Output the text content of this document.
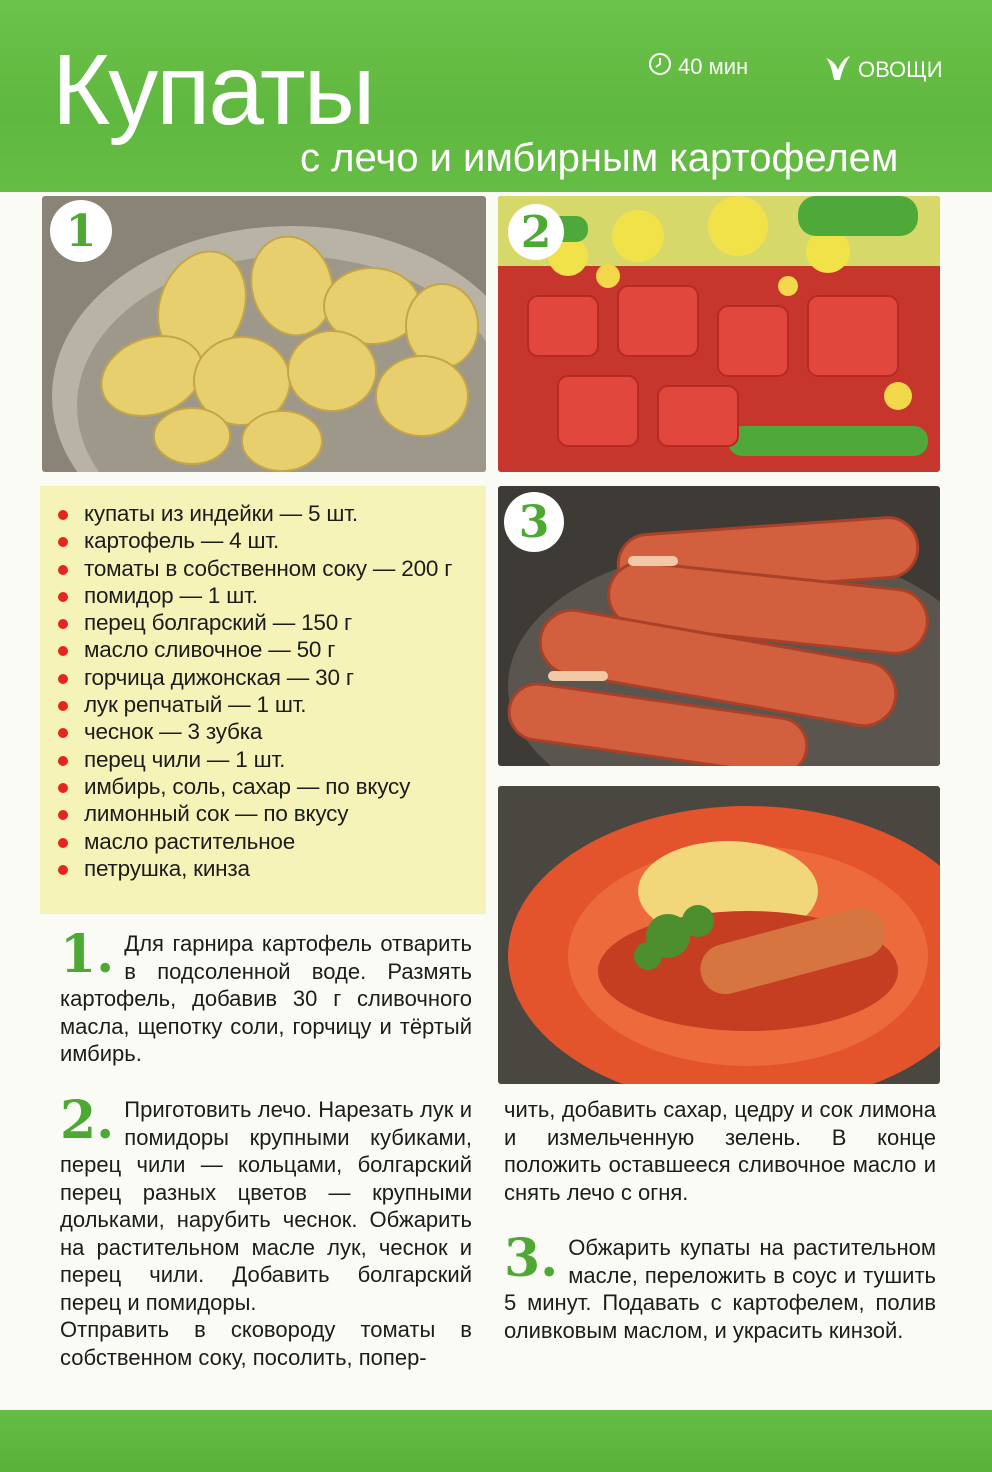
Купаты
с лечо и имбирным картофелем
40 мин	ОВОЩИ
1	2
3
купаты из индейки — 5 шт.
картофель — 4 шт.
томаты в собственном соку — 200 г
помидор — 1 шт.
перец болгарский — 150 г
масло сливочное — 50 г
горчица дижонская — 30 г
лук репчатый — 1 шт.
чеснок — 3 зубка
перец чили — 1 шт.
имбирь, соль, сахар — по вкусу
лимонный сок — по вкусу
масло растительное
петрушка, кинза
1. Для гарнира картофель отварить в подсоленной воде. Размять картофель, добавив 30 г сливочного масла, щепотку соли, горчицу и тёртый имбирь.
2. Приготовить лечо. Нарезать лук и помидоры крупными кубиками, перец чили — кольцами, болгарский перец разных цветов — крупными дольками, нарубить чеснок. Обжарить на растительном масле лук, чеснок и перец чили. Добавить болгарский перец и помидоры.
Отправить в сковороду томаты в собственном соку, посолить, попер-
чить, добавить сахар, цедру и сок лимона и измельченную зелень. В конце положить оставшееся сливочное масло и снять лечо с огня.
3. Обжарить купаты на растительном масле, переложить в соус и тушить 5 минут. Подавать с картофелем, полив оливковым маслом, и украсить кинзой.
